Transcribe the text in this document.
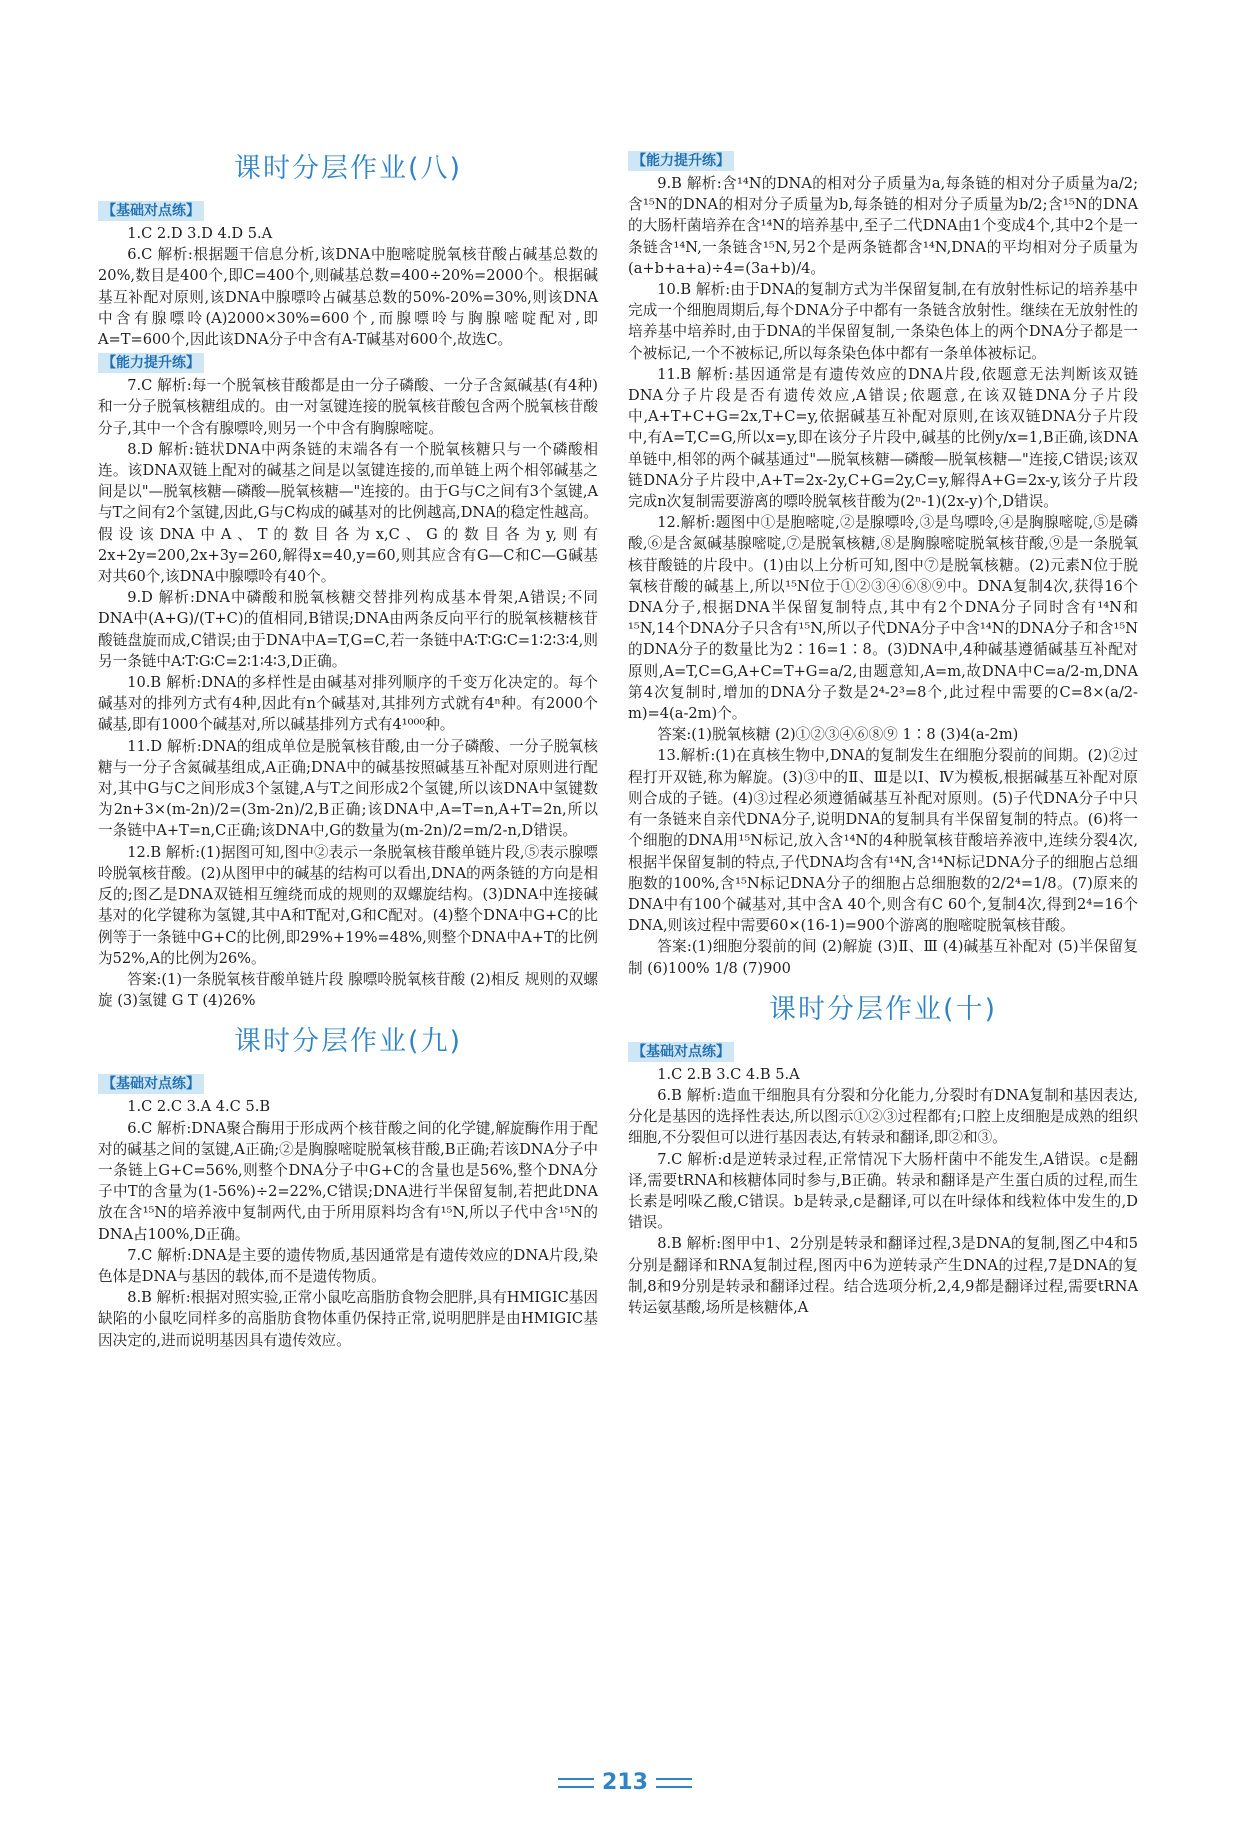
课时分层作业(八)
【基础对点练】

1.C 2.D 3.D 4.D 5.A

6.C 解析:根据题干信息分析,该DNA中胞嘧啶脱氧核苷酸占碱基总数的20%,数目是400个,即C=400个,则碱基总数=400÷20%=2000个。根据碱基互补配对原则,该DNA中腺嘌呤占碱基总数的50%-20%=30%,则该DNA中含有腺嘌呤(A)2000×30%=600个,而腺嘌呤与胸腺嘧啶配对,即A=T=600个,因此该DNA分子中含有A-T碱基对600个,故选C。

【能力提升练】

7.C 解析:每一个脱氧核苷酸都是由一分子磷酸、一分子含氮碱基(有4种)和一分子脱氧核糖组成的。由一对氢键连接的脱氧核苷酸包含两个脱氧核苷酸分子,其中一个含有腺嘌呤,则另一个中含有胸腺嘧啶。

8.D 解析:链状DNA中两条链的末端各有一个脱氧核糖只与一个磷酸相连。该DNA双链上配对的碱基之间是以氢键连接的,而单链上两个相邻碱基之间是以"—脱氧核糖—磷酸—脱氧核糖—"连接的。由于G与C之间有3个氢键,A与T之间有2个氢键,因此,G与C构成的碱基对的比例越高,DNA的稳定性越高。假设该DNA中A、T的数目各为x,C、G的数目各为y,则有2x+2y=200,2x+3y=260,解得x=40,y=60,则其应含有G—C和C—G碱基对共60个,该DNA中腺嘌呤有40个。

9.D 解析:DNA中磷酸和脱氧核糖交替排列构成基本骨架,A错误;不同DNA中(A+G)/(T+C)的值相同,B错误;DNA由两条反向平行的脱氧核糖核苷酸链盘旋而成,C错误;由于DNA中A=T,G=C,若一条链中A∶T∶G∶C=1∶2∶3∶4,则另一条链中A∶T∶G∶C=2∶1∶4∶3,D正确。

10.B 解析:DNA的多样性是由碱基对排列顺序的千变万化决定的。每个碱基对的排列方式有4种,因此有n个碱基对,其排列方式就有4ⁿ种。有2000个碱基,即有1000个碱基对,所以碱基排列方式有4¹⁰⁰⁰种。

11.D 解析:DNA的组成单位是脱氧核苷酸,由一分子磷酸、一分子脱氧核糖与一分子含氮碱基组成,A正确;DNA中的碱基按照碱基互补配对原则进行配对,其中G与C之间形成3个氢键,A与T之间形成2个氢键,所以该DNA中氢键数为2n+3×(m-2n)/2=(3m-2n)/2,B正确;该DNA中,A=T=n,A+T=2n,所以一条链中A+T=n,C正确;该DNA中,G的数量为(m-2n)/2=m/2-n,D错误。

12.B 解析:(1)据图可知,图中②表示一条脱氧核苷酸单链片段,⑤表示腺嘌呤脱氧核苷酸。(2)从图甲中的碱基的结构可以看出,DNA的两条链的方向是相反的;图乙是DNA双链相互缠绕而成的规则的双螺旋结构。(3)DNA中连接碱基对的化学键称为氢键,其中A和T配对,G和C配对。(4)整个DNA中G+C的比例等于一条链中G+C的比例,即29%+19%=48%,则整个DNA中A+T的比例为52%,A的比例为26%。

答案:(1)一条脱氧核苷酸单链片段 腺嘌呤脱氧核苷酸 (2)相反 规则的双螺旋 (3)氢键 G T (4)26%

课时分层作业(九)
【基础对点练】

1.C 2.C 3.A 4.C 5.B

6.C 解析:DNA聚合酶用于形成两个核苷酸之间的化学键,解旋酶作用于配对的碱基之间的氢键,A正确;②是胸腺嘧啶脱氧核苷酸,B正确;若该DNA分子中一条链上G+C=56%,则整个DNA分子中G+C的含量也是56%,整个DNA分子中T的含量为(1-56%)÷2=22%,C错误;DNA进行半保留复制,若把此DNA放在含¹⁵N的培养液中复制两代,由于所用原料均含有¹⁵N,所以子代中含¹⁵N的DNA占100%,D正确。

7.C 解析:DNA是主要的遗传物质,基因通常是有遗传效应的DNA片段,染色体是DNA与基因的载体,而不是遗传物质。

8.B 解析:根据对照实验,正常小鼠吃高脂肪食物会肥胖,具有HMIGIC基因缺陷的小鼠吃同样多的高脂肪食物体重仍保持正常,说明肥胖是由HMIGIC基因决定的,进而说明基因具有遗传效应。

【能力提升练】

9.B 解析:含¹⁴N的DNA的相对分子质量为a,每条链的相对分子质量为a/2;含¹⁵N的DNA的相对分子质量为b,每条链的相对分子质量为b/2;含¹⁵N的DNA的大肠杆菌培养在含¹⁴N的培养基中,至子二代DNA由1个变成4个,其中2个是一条链含¹⁴N,一条链含¹⁵N,另2个是两条链都含¹⁴N,DNA的平均相对分子质量为(a+b+a+a)÷4=(3a+b)/4。

10.B 解析:由于DNA的复制方式为半保留复制,在有放射性标记的培养基中完成一个细胞周期后,每个DNA分子中都有一条链含放射性。继续在无放射性的培养基中培养时,由于DNA的半保留复制,一条染色体上的两个DNA分子都是一个被标记,一个不被标记,所以每条染色体中都有一条单体被标记。

11.B 解析:基因通常是有遗传效应的DNA片段,依题意无法判断该双链DNA分子片段是否有遗传效应,A错误;依题意,在该双链DNA分子片段中,A+T+C+G=2x,T+C=y,依据碱基互补配对原则,在该双链DNA分子片段中,有A=T,C=G,所以x=y,即在该分子片段中,碱基的比例y/x=1,B正确,该DNA单链中,相邻的两个碱基通过"—脱氧核糖—磷酸—脱氧核糖—"连接,C错误;该双链DNA分子片段中,A+T=2x-2y,C+G=2y,C=y,解得A+G=2x-y,该分子片段完成n次复制需要游离的嘌呤脱氧核苷酸为(2ⁿ-1)(2x-y)个,D错误。

12.解析:题图中①是胞嘧啶,②是腺嘌呤,③是鸟嘌呤,④是胸腺嘧啶,⑤是磷酸,⑥是含氮碱基腺嘧啶,⑦是脱氧核糖,⑧是胸腺嘧啶脱氧核苷酸,⑨是一条脱氧核苷酸链的片段中。(1)由以上分析可知,图中⑦是脱氧核糖。(2)元素N位于脱氧核苷酸的碱基上,所以¹⁵N位于①②③④⑥⑧⑨中。DNA复制4次,获得16个DNA分子,根据DNA半保留复制特点,其中有2个DNA分子同时含有¹⁴N和¹⁵N,14个DNA分子只含有¹⁵N,所以子代DNA分子中含¹⁴N的DNA分子和含¹⁵N的DNA分子的数量比为2∶16=1∶8。(3)DNA中,4种碱基遵循碱基互补配对原则,A=T,C=G,A+C=T+G=a/2,由题意知,A=m,故DNA中C=a/2-m,DNA第4次复制时,增加的DNA分子数是2⁴-2³=8个,此过程中需要的C=8×(a/2-m)=4(a-2m)个。

答案:(1)脱氧核糖 (2)①②③④⑥⑧⑨ 1∶8 (3)4(a-2m)

13.解析:(1)在真核生物中,DNA的复制发生在细胞分裂前的间期。(2)②过程打开双链,称为解旋。(3)③中的Ⅱ、Ⅲ是以Ⅰ、Ⅳ为模板,根据碱基互补配对原则合成的子链。(4)③过程必须遵循碱基互补配对原则。(5)子代DNA分子中只有一条链来自亲代DNA分子,说明DNA的复制具有半保留复制的特点。(6)将一个细胞的DNA用¹⁵N标记,放入含¹⁴N的4种脱氧核苷酸培养液中,连续分裂4次,根据半保留复制的特点,子代DNA均含有¹⁴N,含¹⁴N标记DNA分子的细胞占总细胞数的100%,含¹⁵N标记DNA分子的细胞占总细胞数的2/2⁴=1/8。(7)原来的DNA中有100个碱基对,其中含A 40个,则含有C 60个,复制4次,得到2⁴=16个DNA,则该过程中需要60×(16-1)=900个游离的胞嘧啶脱氧核苷酸。

答案:(1)细胞分裂前的间 (2)解旋 (3)Ⅱ、Ⅲ (4)碱基互补配对 (5)半保留复制 (6)100% 1/8 (7)900

课时分层作业(十)
【基础对点练】

1.C 2.B 3.C 4.B 5.A

6.B 解析:造血干细胞具有分裂和分化能力,分裂时有DNA复制和基因表达,分化是基因的选择性表达,所以图示①②③过程都有;口腔上皮细胞是成熟的组织细胞,不分裂但可以进行基因表达,有转录和翻译,即②和③。

7.C 解析:d是逆转录过程,正常情况下大肠杆菌中不能发生,A错误。c是翻译,需要tRNA和核糖体同时参与,B正确。转录和翻译是产生蛋白质的过程,而生长素是吲哚乙酸,C错误。b是转录,c是翻译,可以在叶绿体和线粒体中发生的,D错误。

8.B 解析:图甲中1、2分别是转录和翻译过程,3是DNA的复制,图乙中4和5分别是翻译和RNA复制过程,图丙中6为逆转录产生DNA的过程,7是DNA的复制,8和9分别是转录和翻译过程。结合选项分析,2,4,9都是翻译过程,需要tRNA转运氨基酸,场所是核糖体,A

213
